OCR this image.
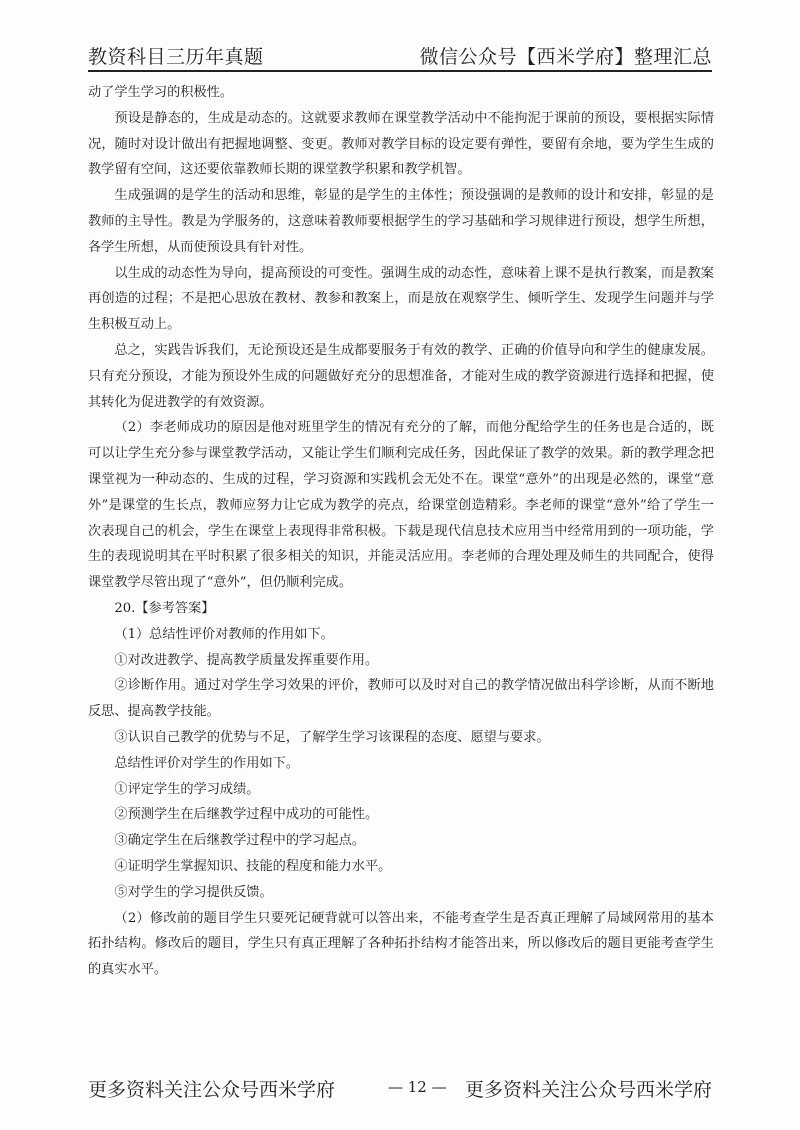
教资科目三历年真题	微信公众号【西米学府】整理汇总

动了学生学习的积极性。

预设是静态的，生成是动态的。这就要求教师在课堂教学活动中不能拘泥于课前的预设，要根据实际情况，随时对设计做出有把握地调整、变更。教师对教学目标的设定要有弹性，要留有余地，要为学生生成的教学留有空间，这还要依靠教师长期的课堂教学积累和教学机智。

生成强调的是学生的活动和思维，彰显的是学生的主体性；预设强调的是教师的设计和安排，彰显的是教师的主导性。教是为学服务的，这意味着教师要根据学生的学习基础和学习规律进行预设，想学生所想，各学生所想，从而使预设具有针对性。

以生成的动态性为导向，提高预设的可变性。强调生成的动态性，意味着上课不是执行教案，而是教案再创造的过程；不是把心思放在教材、教参和教案上，而是放在观察学生、倾听学生、发现学生问题并与学生积极互动上。

总之，实践告诉我们，无论预设还是生成都要服务于有效的教学、正确的价值导向和学生的健康发展。只有充分预设，才能为预设外生成的问题做好充分的思想准备，才能对生成的教学资源进行选择和把握，使其转化为促进教学的有效资源。

（2）李老师成功的原因是他对班里学生的情况有充分的了解，而他分配给学生的任务也是合适的，既可以让学生充分参与课堂教学活动，又能让学生们顺利完成任务，因此保证了教学的效果。新的教学理念把课堂视为一种动态的、生成的过程，学习资源和实践机会无处不在。课堂“意外”的出现是必然的，课堂“意外”是课堂的生长点，教师应努力让它成为教学的亮点，给课堂创造精彩。李老师的课堂“意外”给了学生一次表现自己的机会，学生在课堂上表现得非常积极。下载是现代信息技术应用当中经常用到的一项功能，学生的表现说明其在平时积累了很多相关的知识，并能灵活应用。李老师的合理处理及师生的共同配合，使得课堂教学尽管出现了“意外”，但仍顺利完成。

20.【参考答案】

（1）总结性评价对教师的作用如下。

①对改进教学、提高教学质量发挥重要作用。

②诊断作用。通过对学生学习效果的评价，教师可以及时对自己的教学情况做出科学诊断，从而不断地反思、提高教学技能。

③认识自己教学的优势与不足，了解学生学习该课程的态度、愿望与要求。

总结性评价对学生的作用如下。

①评定学生的学习成绩。

②预测学生在后继教学过程中成功的可能性。

③确定学生在后继教学过程中的学习起点。

④证明学生掌握知识、技能的程度和能力水平。

⑤对学生的学习提供反馈。

（2）修改前的题目学生只要死记硬背就可以答出来，不能考查学生是否真正理解了局域网常用的基本拓扑结构。修改后的题目，学生只有真正理解了各种拓扑结构才能答出来，所以修改后的题目更能考查学生的真实水平。

更多资料关注公众号西米学府	— 12 — 更多资料关注公众号西米学府
